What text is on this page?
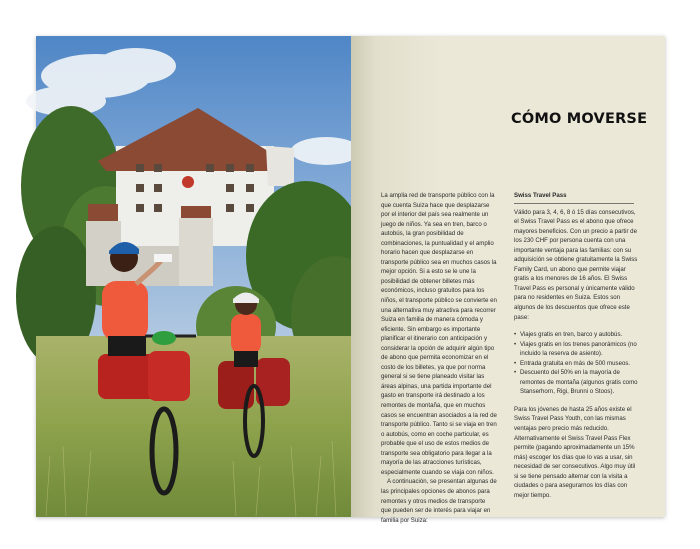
CÓMO MOVERSE

La amplia red de transporte público con la que cuenta Suiza hace que desplazarse por el interior del país sea realmente un juego de niños. Ya sea en tren, barco o autobús, la gran posibilidad de combinaciones, la puntualidad y el amplio horario hacen que desplazarse en transporte público sea en muchos casos la mejor opción. Si a esto se le une la posibilidad de obtener billetes más económicos, incluso gratuitos para los niños, el transporte público se convierte en una alternativa muy atractiva para recorrer Suiza en familia de manera cómoda y eficiente. Sin embargo es importante planificar el itinerario con anticipación y considerar la opción de adquirir algún tipo de abono que permita economizar en el costo de los billetes, ya que por norma general si se tiene planeado visitar las áreas alpinas, una partida importante del gasto en transporte irá destinado a los remontes de montaña, que en muchos casos se encuentran asociados a la red de transporte público. Tanto si se viaja en tren o autobús, como en coche particular, es probable que el uso de estos medios de transporte sea obligatorio para llegar a la mayoría de las atracciones turísticas, especialmente cuando se viaja con niños.

A continuación, se presentan algunas de las principales opciones de abonos para remontes y otros medios de transporte que pueden ser de interés para viajar en familia por Suiza:

Swiss Travel Pass

Válido para 3, 4, 6, 8 ó 15 días consecutivos, el Swiss Travel Pass es el abono que ofrece mayores beneficios. Con un precio a partir de los 230 CHF por persona cuenta con una importante ventaja para las familias: con su adquisición se obtiene gratuitamente la Swiss Family Card, un abono que permite viajar gratis a los menores de 16 años. El Swiss Travel Pass es personal y únicamente válido para no residentes en Suiza. Estos son algunos de los descuentos que ofrece este pase:

• Viajes gratis en tren, barco y autobús.
• Viajes gratis en los trenes panorámicos (no incluido la reserva de asiento).
• Entrada gratuita en más de 500 museos.
• Descuento del 50% en la mayoría de remontes de montaña (algunos gratis como Stanserhorn, Rigi, Brunni o Stoos).

Para los jóvenes de hasta 25 años existe el Swiss Travel Pass Youth, con las mismas ventajas pero precio más reducido. Alternativamente el Swiss Travel Pass Flex permite (pagando aproximadamente un 15% más) escoger los días que lo vas a usar, sin necesidad de ser consecutivos. Algo muy útil si se tiene pensado alternar con la visita a ciudades o para asegurarnos los días con mejor tiempo.
